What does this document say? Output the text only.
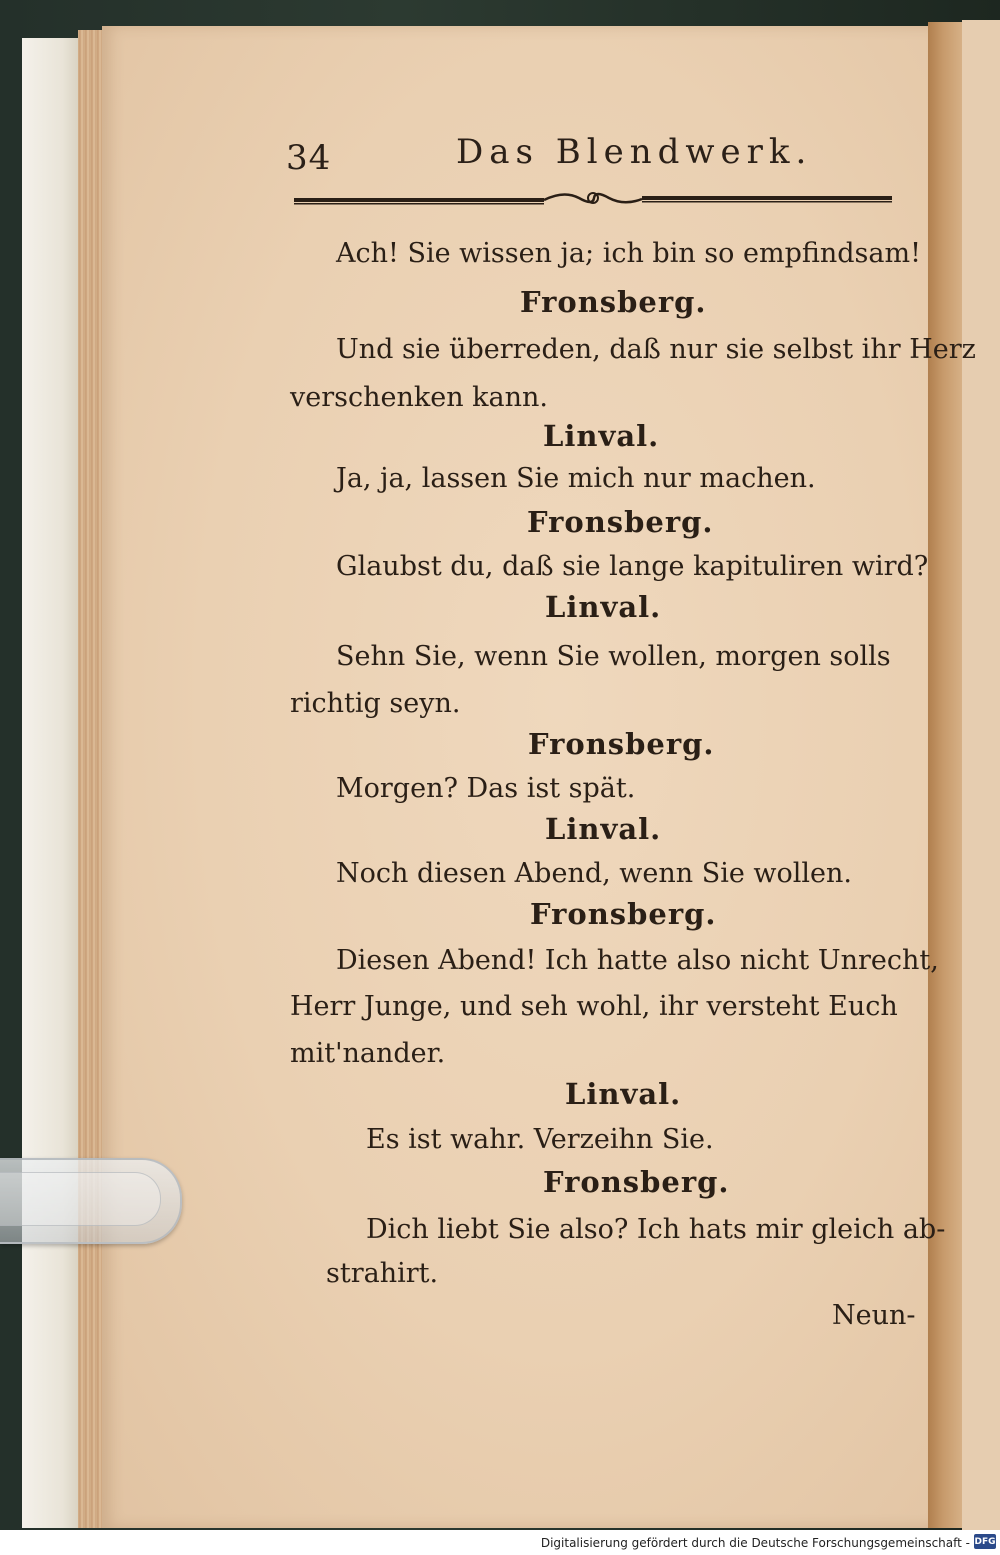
34	Das Blendwerk.
Ach! Sie wissen ja; ich bin so empfindsam!
Fronsberg.
Und sie überreden, daß nur sie selbst ihr Herz
verschenken kann.
Linval.
Ja, ja, lassen Sie mich nur machen.
Fronsberg.
Glaubst du, daß sie lange kapituliren wird?
Linval.
Sehn Sie, wenn Sie wollen, morgen solls
richtig seyn.
Fronsberg.
Morgen? Das ist spät.
Linval.
Noch diesen Abend, wenn Sie wollen.
Fronsberg.
Diesen Abend! Ich hatte also nicht Unrecht,
Herr Junge, und seh wohl, ihr versteht Euch
mit'nander.
Linval.
Es ist wahr. Verzeihn Sie.
Fronsberg.
Dich liebt Sie also? Ich hats mir gleich ab-
strahirt.
Neun-
Digitalisierung gefördert durch die Deutsche Forschungsgemeinschaft - DFG
